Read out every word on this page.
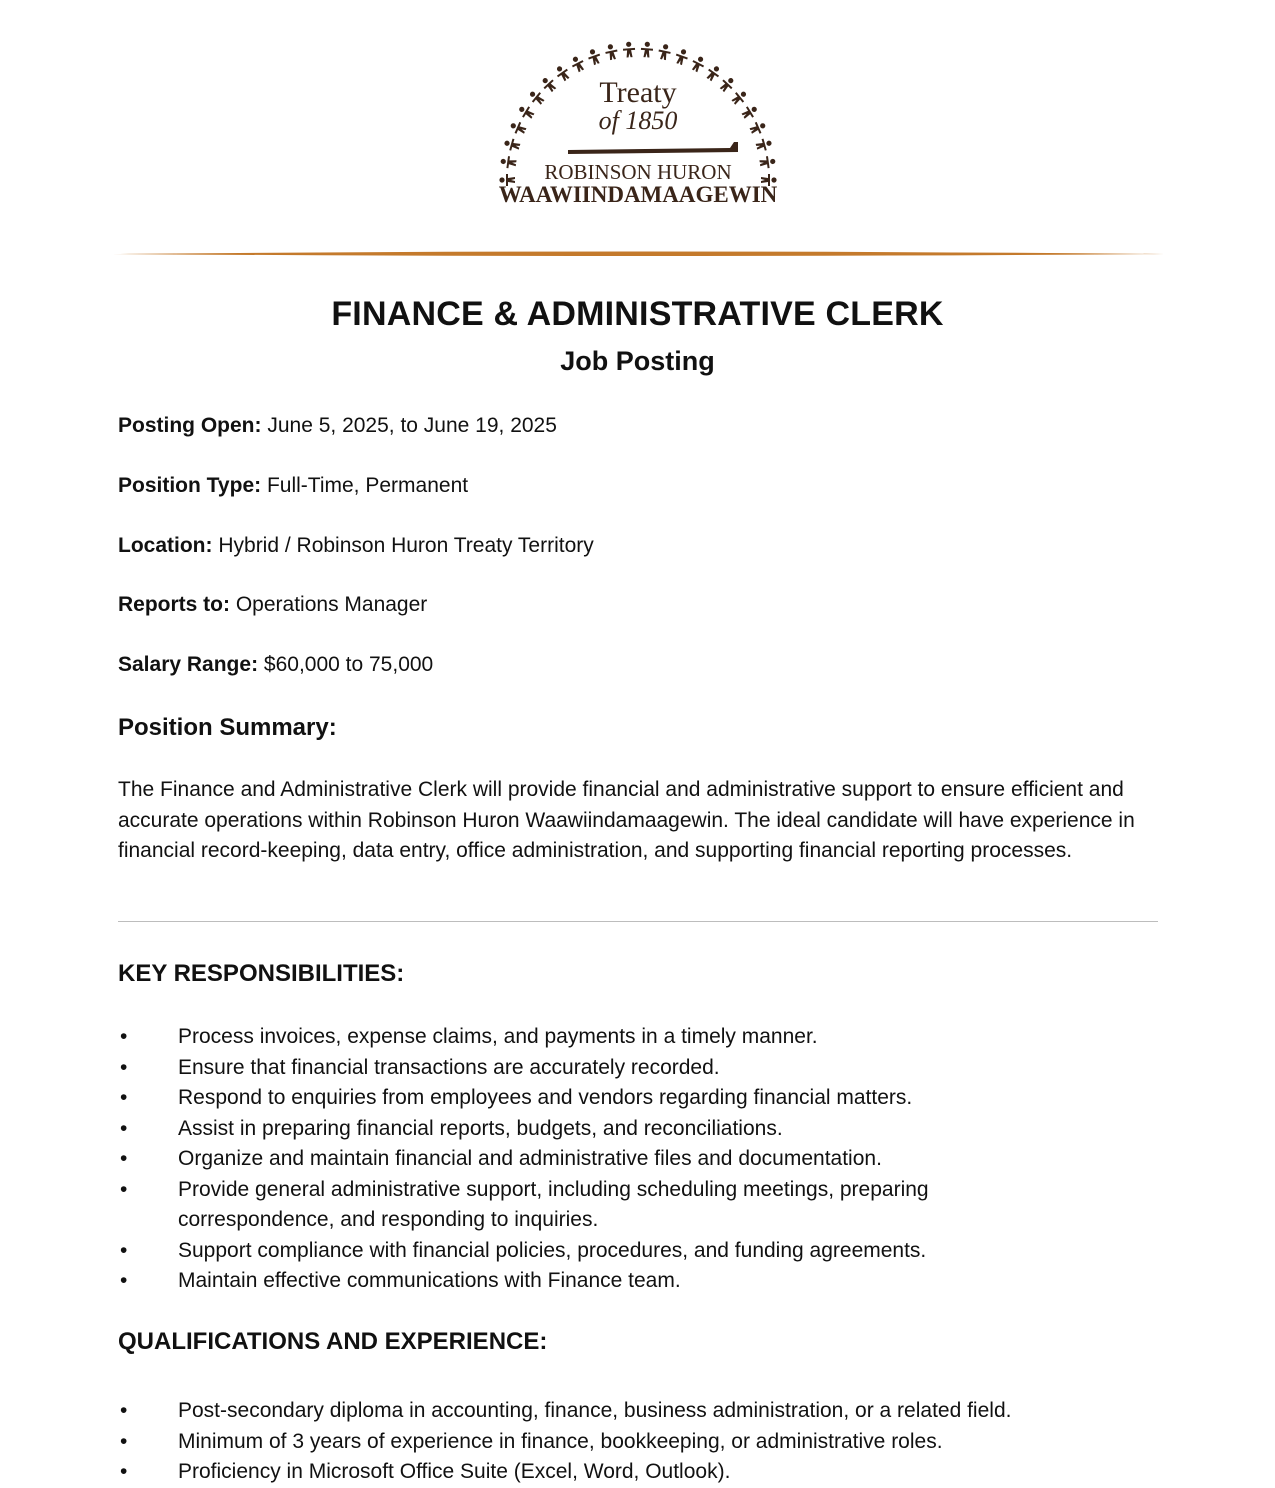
Treaty
of 1850
ROBINSON HURON
WAAWIINDAMAAGEWIN
FINANCE & ADMINISTRATIVE CLERK
Job Posting
Posting Open: June 5, 2025, to June 19, 2025
Position Type: Full-Time, Permanent
Location: Hybrid / Robinson Huron Treaty Territory
Reports to: Operations Manager
Salary Range: $60,000 to 75,000
Position Summary:

The Finance and Administrative Clerk will provide financial and administrative support to ensure efficient and accurate operations within Robinson Huron Waawiindamaagewin. The ideal candidate will have experience in financial record-keeping, data entry, office administration, and supporting financial reporting processes.

KEY RESPONSIBILITIES:
• Process invoices, expense claims, and payments in a timely manner.
• Ensure that financial transactions are accurately recorded.
• Respond to enquiries from employees and vendors regarding financial matters.
• Assist in preparing financial reports, budgets, and reconciliations.
• Organize and maintain financial and administrative files and documentation.
• Provide general administrative support, including scheduling meetings, preparing correspondence, and responding to inquiries.
• Support compliance with financial policies, procedures, and funding agreements.
• Maintain effective communications with Finance team.
QUALIFICATIONS AND EXPERIENCE:
• Post-secondary diploma in accounting, finance, business administration, or a related field.
• Minimum of 3 years of experience in finance, bookkeeping, or administrative roles.
• Proficiency in Microsoft Office Suite (Excel, Word, Outlook).
